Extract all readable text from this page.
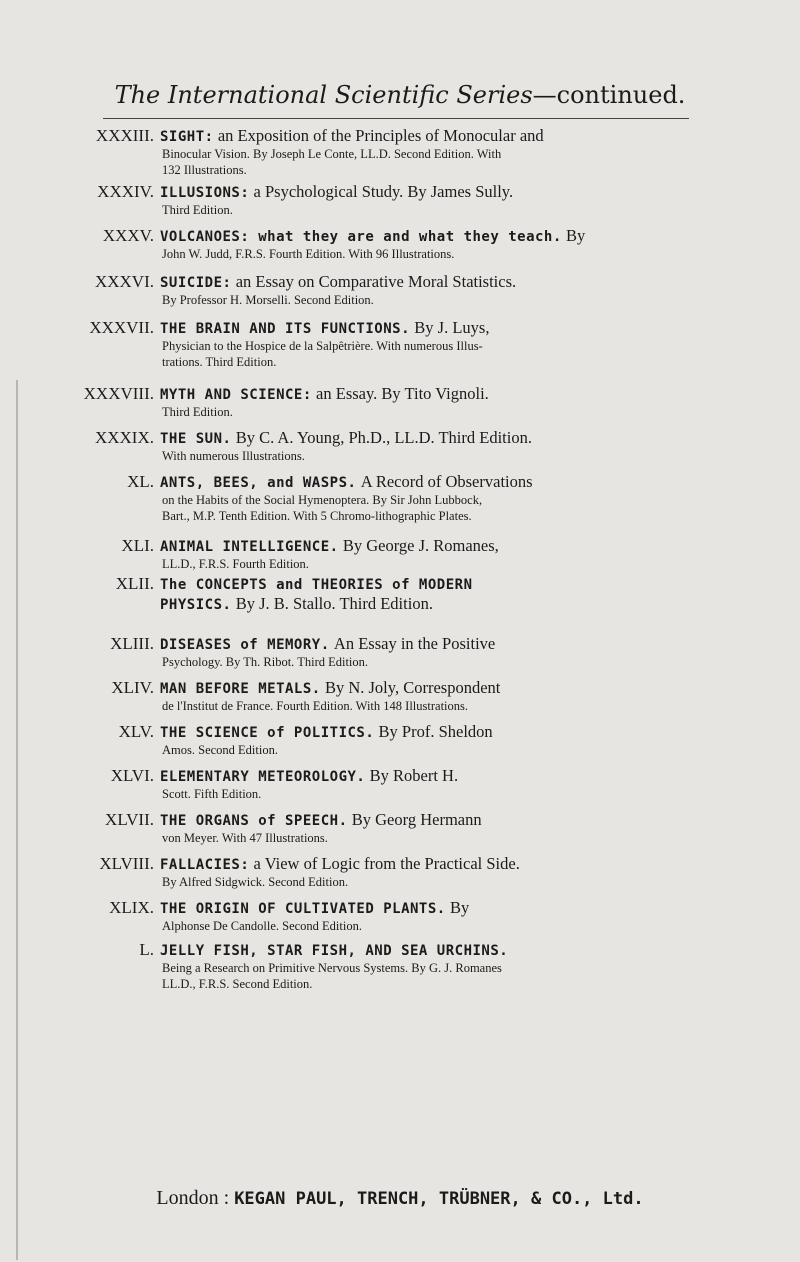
The International Scientific Series—continued.
XXXIII. SIGHT: an Exposition of the Principles of Monocular and
Binocular Vision. By Joseph Le Conte, LL.D. Second Edition. With
132 Illustrations.
XXXIV. ILLUSIONS: a Psychological Study. By James Sully.
Third Edition.
XXXV. VOLCANOES: what they are and what they teach. By
John W. Judd, F.R.S. Fourth Edition. With 96 Illustrations.
XXXVI. SUICIDE: an Essay on Comparative Moral Statistics.
By Professor H. Morselli. Second Edition.
XXXVII. THE BRAIN AND ITS FUNCTIONS. By J. Luys,
Physician to the Hospice de la Salpêtrière. With numerous Illus-
trations. Third Edition.
XXXVIII. MYTH AND SCIENCE: an Essay. By Tito Vignoli.
Third Edition.
XXXIX. THE SUN. By C. A. Young, Ph.D., LL.D. Third Edition.
With numerous Illustrations.
XL. ANTS, BEES, and WASPS. A Record of Observations
on the Habits of the Social Hymenoptera. By Sir John Lubbock,
Bart., M.P. Tenth Edition. With 5 Chromo-lithographic Plates.
XLI. ANIMAL INTELLIGENCE. By George J. Romanes,
LL.D., F.R.S. Fourth Edition.
XLII. The CONCEPTS and THEORIES of MODERN
PHYSICS. By J. B. Stallo. Third Edition.
XLIII. DISEASES of MEMORY. An Essay in the Positive
Psychology. By Th. Ribot. Third Edition.
XLIV. MAN BEFORE METALS. By N. Joly, Correspondent
de l'Institut de France. Fourth Edition. With 148 Illustrations.
XLV. THE SCIENCE of POLITICS. By Prof. Sheldon
Amos. Second Edition.
XLVI. ELEMENTARY METEOROLOGY. By Robert H.
Scott. Fifth Edition.
XLVII. THE ORGANS of SPEECH. By Georg Hermann
von Meyer. With 47 Illustrations.
XLVIII. FALLACIES: a View of Logic from the Practical Side.
By Alfred Sidgwick. Second Edition.
XLIX. THE ORIGIN OF CULTIVATED PLANTS. By
Alphonse De Candolle. Second Edition.
L. JELLY FISH, STAR FISH, AND SEA URCHINS.
Being a Research on Primitive Nervous Systems. By G. J. Romanes
LL.D., F.R.S. Second Edition.
London : KEGAN PAUL, TRENCH, TRÜBNER, & CO., Ltd.
